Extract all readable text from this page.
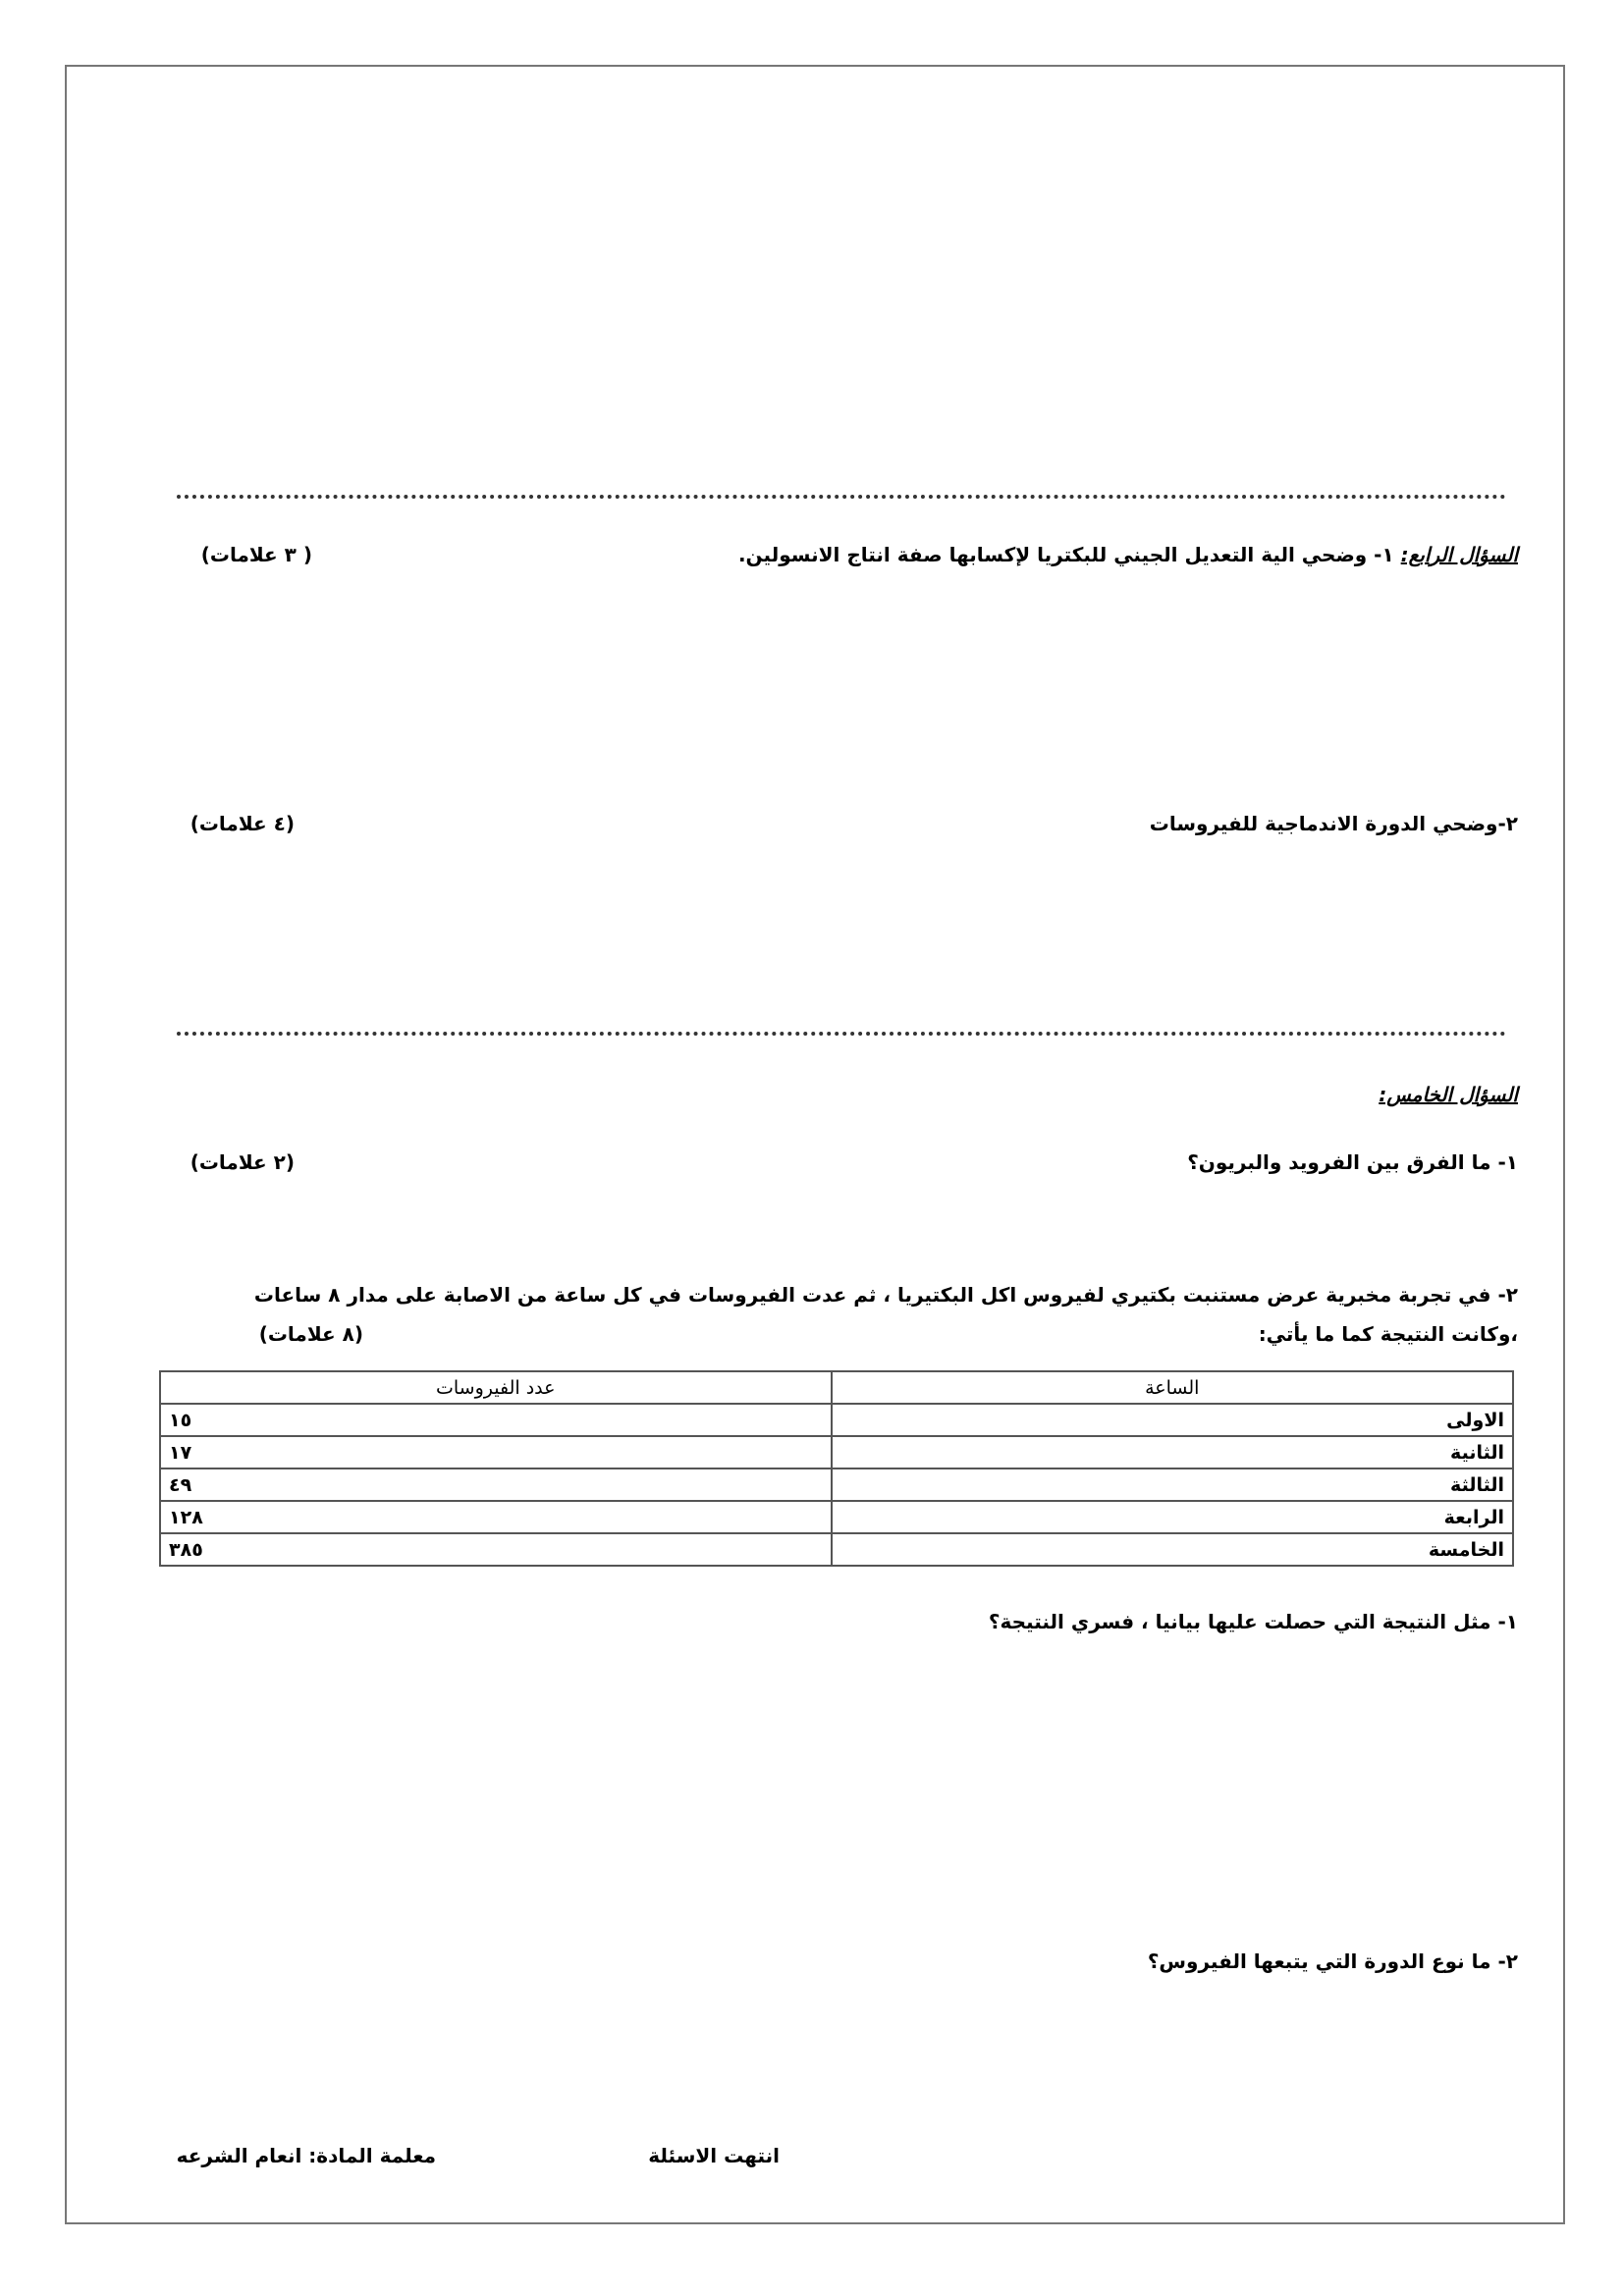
السؤال الرابع: ١- وضحي الية التعديل الجيني للبكتريا لإكسابها صفة انتاج الانسولين.
( ٣ علامات)
٢-وضحي الدورة الاندماجية للفيروسات
(٤ علامات)
السؤال الخامس:
١- ما الفرق بين الفرويد والبريون؟
(٢ علامات)
٢- في تجربة مخبرية عرض مستنبت بكتيري لفيروس اكل البكتيريا ، ثم عدت الفيروسات في كل ساعة من الاصابة على مدار ٨ ساعات
،وكانت النتيجة كما ما يأتي:
(٨ علامات)
الساعة	عدد الفيروسات
الاولى	١٥
الثانية	١٧
الثالثة	٤٩
الرابعة	١٢٨
الخامسة	٣٨٥
١- مثل النتيجة التي حصلت عليها بيانيا ، فسري النتيجة؟
٢- ما نوع الدورة التي يتبعها الفيروس؟
انتهت الاسئلة
معلمة المادة: انعام الشرعه
